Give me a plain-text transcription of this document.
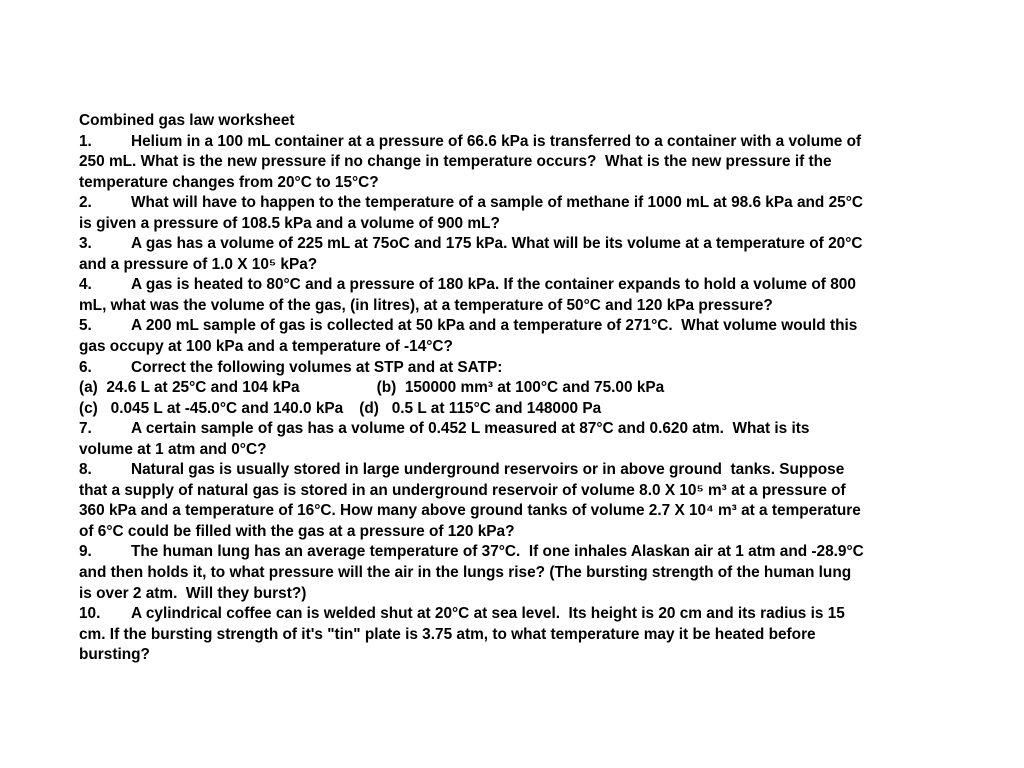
Combined gas law worksheet
1.	Helium in a 100 mL container at a pressure of 66.6 kPa is transferred to a container with a volume of
250 mL. What is the new pressure if no change in temperature occurs?  What is the new pressure if the
temperature changes from 20°C to 15°C?
2.	What will have to happen to the temperature of a sample of methane if 1000 mL at 98.6 kPa and 25°C
is given a pressure of 108.5 kPa and a volume of 900 mL?
3.	A gas has a volume of 225 mL at 75oC and 175 kPa. What will be its volume at a temperature of 20°C
and a pressure of 1.0 X 10⁵ kPa?
4.	A gas is heated to 80°C and a pressure of 180 kPa. If the container expands to hold a volume of 800
mL, what was the volume of the gas, (in litres), at a temperature of 50°C and 120 kPa pressure?
5.	A 200 mL sample of gas is collected at 50 kPa and a temperature of 271°C.  What volume would this
gas occupy at 100 kPa and a temperature of -14°C?
6.	Correct the following volumes at STP and at SATP:
(a)  24.6 L at 25°C and 104 kPa	(b)  150000 mm³ at 100°C and 75.00 kPa
(c)   0.045 L at -45.0°C and 140.0 kPa (d)   0.5 L at 115°C and 148000 Pa
7.	A certain sample of gas has a volume of 0.452 L measured at 87°C and 0.620 atm.  What is its
volume at 1 atm and 0°C?
8.	Natural gas is usually stored in large underground reservoirs or in above ground  tanks. Suppose
that a supply of natural gas is stored in an underground reservoir of volume 8.0 X 10⁵ m³ at a pressure of
360 kPa and a temperature of 16°C. How many above ground tanks of volume 2.7 X 10⁴ m³ at a temperature
of 6°C could be filled with the gas at a pressure of 120 kPa?
9.	The human lung has an average temperature of 37°C.  If one inhales Alaskan air at 1 atm and -28.9°C
and then holds it, to what pressure will the air in the lungs rise? (The bursting strength of the human lung
is over 2 atm.  Will they burst?)
10. A cylindrical coffee can is welded shut at 20°C at sea level.  Its height is 20 cm and its radius is 15
cm. If the bursting strength of it's "tin" plate is 3.75 atm, to what temperature may it be heated before
bursting?
